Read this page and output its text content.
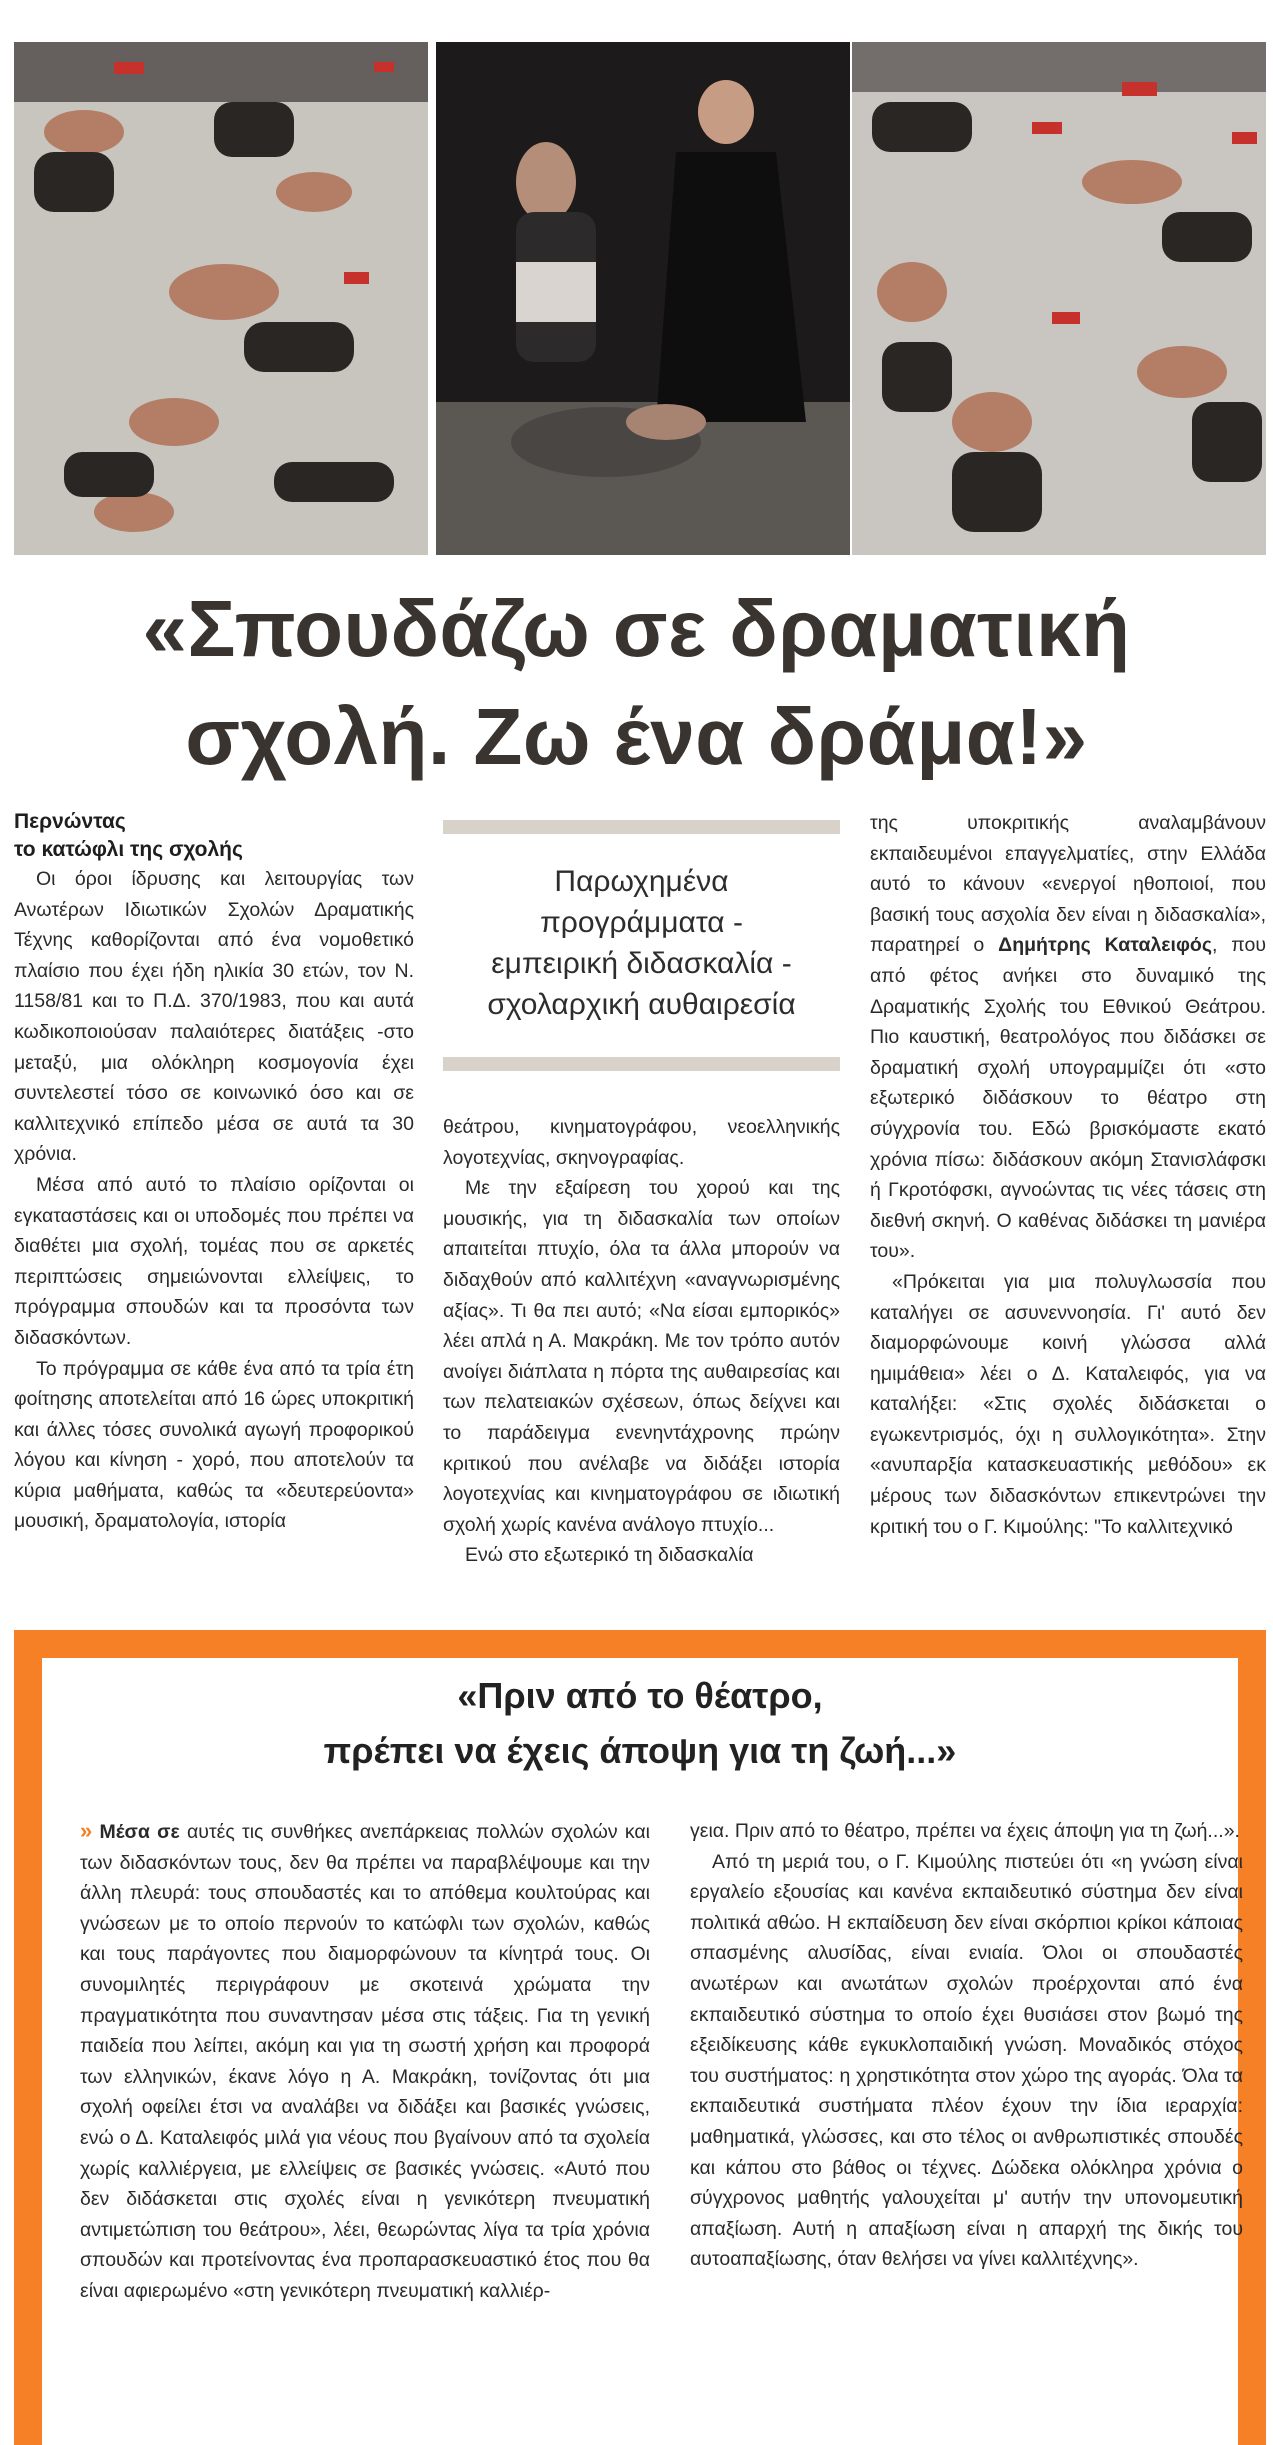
«Σπουδάζω σε δραματική
σχολή. Ζω ένα δράμα!»

Περνώντας
το κατώφλι της σχολής

Οι όροι ίδρυσης και λειτουργίας των Ανωτέρων Ιδιωτικών Σχολών Δραματικής Τέχνης καθορίζονται από ένα νομοθετικό πλαίσιο που έχει ήδη ηλικία 30 ετών, τον Ν. 1158/81 και το Π.Δ. 370/1983, που και αυτά κωδικοποιούσαν παλαιότερες διατάξεις -στο μεταξύ, μια ολόκληρη κοσμογονία έχει συντελεστεί τόσο σε κοινωνικό όσο και σε καλλιτεχνικό επίπεδο μέσα σε αυτά τα 30 χρόνια.

Μέσα από αυτό το πλαίσιο ορίζονται οι εγκαταστάσεις και οι υποδομές που πρέπει να διαθέτει μια σχολή, τομέας που σε αρκετές περιπτώσεις σημειώνονται ελλείψεις, το πρόγραμμα σπουδών και τα προσόντα των διδασκόντων.

Το πρόγραμμα σε κάθε ένα από τα τρία έτη φοίτησης αποτελείται από 16 ώρες υποκριτική και άλλες τόσες συνολικά αγωγή προφορικού λόγου και κίνηση - χορό, που αποτελούν τα κύρια μαθήματα, καθώς τα «δευτερεύοντα» μουσική, δραματολογία, ιστορία

Παρωχημένα
προγράμματα -
εμπειρική διδασκαλία -
σχολαρχική αυθαιρεσία

θεάτρου, κινηματογράφου, νεοελληνικής λογοτεχνίας, σκηνογραφίας.

Με την εξαίρεση του χορού και της μουσικής, για τη διδασκαλία των οποίων απαιτείται πτυχίο, όλα τα άλλα μπορούν να διδαχθούν από καλλιτέχνη «αναγνωρισμένης αξίας». Τι θα πει αυτό; «Να είσαι εμπορικός» λέει απλά η Α. Μακράκη. Με τον τρόπο αυτόν ανοίγει διάπλατα η πόρτα της αυθαιρεσίας και των πελατειακών σχέσεων, όπως δείχνει και το παράδειγμα ενενηντάχρονης πρώην κριτικού που ανέλαβε να διδάξει ιστορία λογοτεχνίας και κινηματογράφου σε ιδιωτική σχολή χωρίς κανένα ανάλογο πτυχίο...

Ενώ στο εξωτερικό τη διδασκαλία

της υποκριτικής αναλαμβάνουν εκπαιδευμένοι επαγγελματίες, στην Ελλάδα αυτό το κάνουν «ενεργοί ηθοποιοί, που βασική τους ασχολία δεν είναι η διδασκαλία», παρατηρεί ο Δημήτρης Καταλειφός, που από φέτος ανήκει στο δυναμικό της Δραματικής Σχολής του Εθνικού Θεάτρου. Πιο καυστική, θεατρολόγος που διδάσκει σε δραματική σχολή υπογραμμίζει ότι «στο εξωτερικό διδάσκουν το θέατρο στη σύγχρονία του. Εδώ βρισκόμαστε εκατό χρόνια πίσω: διδάσκουν ακόμη Στανισλάφσκι ή Γκροτόφσκι, αγνοώντας τις νέες τάσεις στη διεθνή σκηνή. Ο καθένας διδάσκει τη μανιέρα του».

«Πρόκειται για μια πολυγλωσσία που καταλήγει σε ασυνεννοησία. Γι' αυτό δεν διαμορφώνουμε κοινή γλώσσα αλλά ημιμάθεια» λέει ο Δ. Καταλειφός, για να καταλήξει: «Στις σχολές διδάσκεται ο εγωκεντρισμός, όχι η συλλογικότητα». Στην «ανυπαρξία κατασκευαστικής μεθόδου» εκ μέρους των διδασκόντων επικεντρώνει την κριτική του ο Γ. Κιμούλης: "Το καλλιτεχνικό

«Πριν από το θέατρο,
πρέπει να έχεις άποψη για τη ζωή...»

» Μέσα σε αυτές τις συνθήκες ανεπάρκειας πολλών σχολών και των διδασκόντων τους, δεν θα πρέπει να παραβλέψουμε και την άλλη πλευρά: τους σπουδαστές και το απόθεμα κουλτούρας και γνώσεων με το οποίο περνούν το κατώφλι των σχολών, καθώς και τους παράγοντες που διαμορφώνουν τα κίνητρά τους. Οι συνομιλητές περιγράφουν με σκοτεινά χρώματα την πραγματικότητα που συναντησαν μέσα στις τάξεις. Για τη γενική παιδεία που λείπει, ακόμη και για τη σωστή χρήση και προφορά των ελληνικών, έκανε λόγο η Α. Μακράκη, τονίζοντας ότι μια σχολή οφείλει έτσι να αναλάβει να διδάξει και βασικές γνώσεις, ενώ ο Δ. Καταλειφός μιλά για νέους που βγαίνουν από τα σχολεία χωρίς καλλιέργεια, με ελλείψεις σε βασικές γνώσεις. «Αυτό που δεν διδάσκεται στις σχολές είναι η γενικότερη πνευματική αντιμετώπιση του θεάτρου», λέει, θεωρώντας λίγα τα τρία χρόνια σπουδών και προτείνοντας ένα προπαρασκευαστικό έτος που θα είναι αφιερωμένο «στη γενικότερη πνευματική καλλιέρ-

γεια. Πριν από το θέατρο, πρέπει να έχεις άποψη για τη ζωή...».

Από τη μεριά του, ο Γ. Κιμούλης πιστεύει ότι «η γνώση είναι εργαλείο εξουσίας και κανένα εκπαιδευτικό σύστημα δεν είναι πολιτικά αθώο. Η εκπαίδευση δεν είναι σκόρπιοι κρίκοι κάποιας σπασμένης αλυσίδας, είναι ενιαία. Όλοι οι σπουδαστές ανωτέρων και ανωτάτων σχολών προέρχονται από ένα εκπαιδευτικό σύστημα το οποίο έχει θυσιάσει στον βωμό της εξειδίκευσης κάθε εγκυκλοπαιδική γνώση. Μοναδικός στόχος του συστήματος: η χρηστικότητα στον χώρο της αγοράς. Όλα τα εκπαιδευτικά συστήματα πλέον έχουν την ίδια ιεραρχία: μαθηματικά, γλώσσες, και στο τέλος οι ανθρωπιστικές σπουδές και κάπου στο βάθος οι τέχνες. Δώδεκα ολόκληρα χρόνια ο σύγχρονος μαθητής γαλουχείται μ' αυτήν την υπονομευτική απαξίωση. Αυτή η απαξίωση είναι η απαρχή της δικής του αυτοαπαξίωσης, όταν θελήσει να γίνει καλλιτέχνης».
